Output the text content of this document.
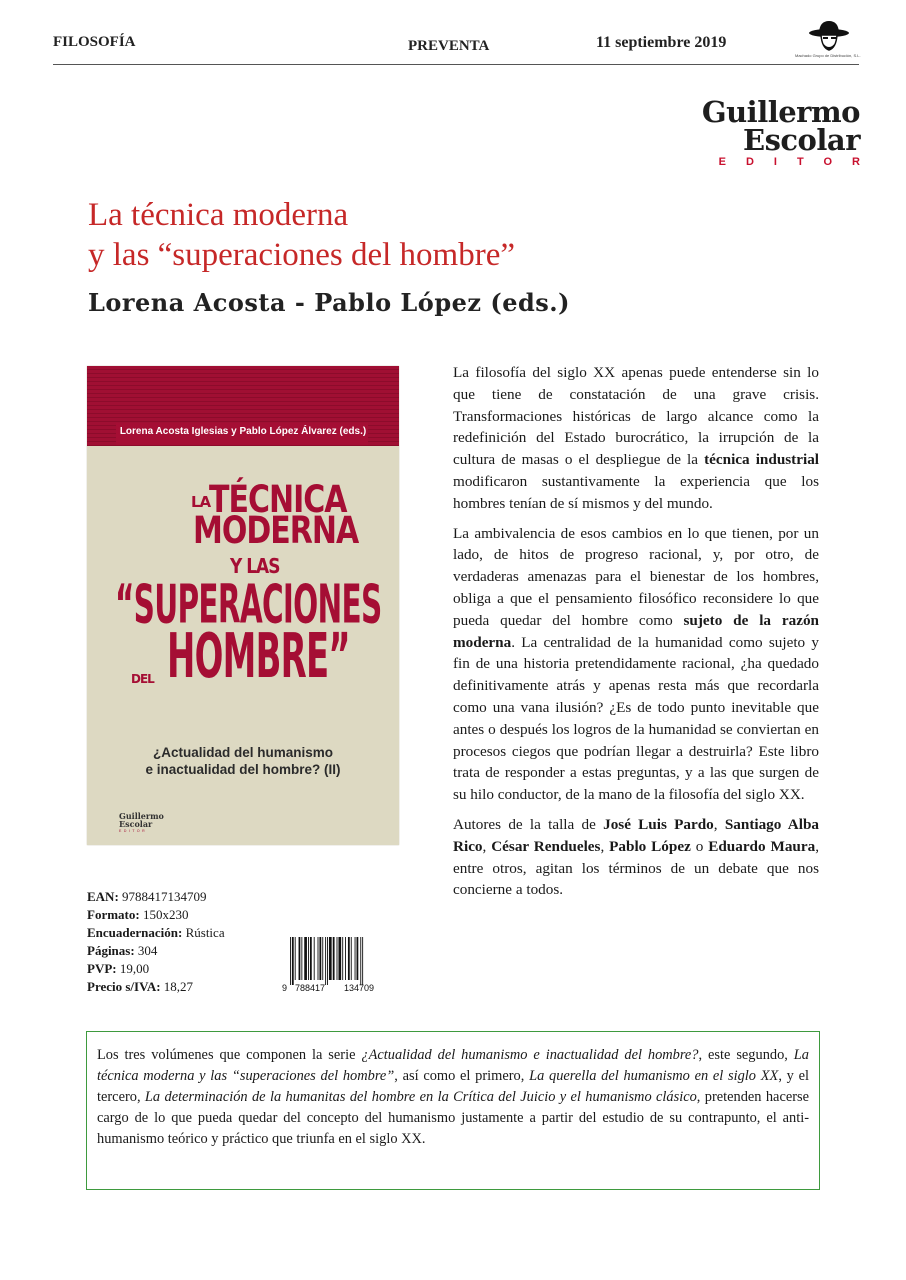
FILOSOFÍA	PREVENTA	11 septiembre 2019
Machado Grupo de Distribución, S.L.
Guillermo
Escolar
EDITOR
La técnica moderna
y las “superaciones del hombre”
Lorena Acosta - Pablo López (eds.)
Lorena Acosta Iglesias y Pablo López Álvarez (eds.)
LA
TÉCNICA
MODERNA
Y LAS
“SUPERACIONES
DEL HOMBRE”
¿Actualidad del humanismo
e inactualidad del hombre? (II)
Guillermo
Escolar
EDITOR
EAN: 9788417134709
Formato: 150x230
Encuadernación: Rústica
Páginas: 304
PVP: 19,00
Precio s/IVA: 18,27	9 788417 134709

La filosofía del siglo XX apenas puede entenderse sin lo que tiene de constatación de una grave crisis. Transformaciones históricas de largo alcance como la redefinición del Estado burocrático, la irrupción de la cultura de masas o el despliegue de la técnica industrial modificaron sustantivamente la experiencia que los hombres tenían de sí mismos y del mundo.

La ambivalencia de esos cambios en lo que tienen, por un lado, de hitos de progreso racional, y, por otro, de verdaderas amenazas para el bienestar de los hombres, obliga a que el pensamiento filosófico reconsidere lo que pueda quedar del hombre como sujeto de la razón moderna. La centralidad de la humanidad como sujeto y fin de una historia pretendidamente racional, ¿ha quedado definitivamente atrás y apenas resta más que recordarla como una vana ilusión? ¿Es de todo punto inevitable que antes o después los logros de la humanidad se conviertan en procesos ciegos que podrían llegar a destruirla? Este libro trata de responder a estas preguntas, y a las que surgen de su hilo conductor, de la mano de la filosofía del siglo XX.

Autores de la talla de José Luis Pardo, Santiago Alba Rico, César Rendueles, Pablo López o Eduardo Maura, entre otros, agitan los términos de un debate que nos concierne a todos.

Los tres volúmenes que componen la serie ¿Actualidad del humanismo e inactualidad del hombre?, este segundo, La técnica moderna y las “superaciones del hombre”, así como el primero, La querella del humanismo en el siglo XX, y el tercero, La determinación de la humanitas del hombre en la Crítica del Juicio y el humanismo clásico, pretenden hacerse cargo de lo que pueda quedar del concepto del humanismo justamente a partir del estudio de su contrapunto, el anti-humanismo teórico y práctico que triunfa en el siglo XX.
